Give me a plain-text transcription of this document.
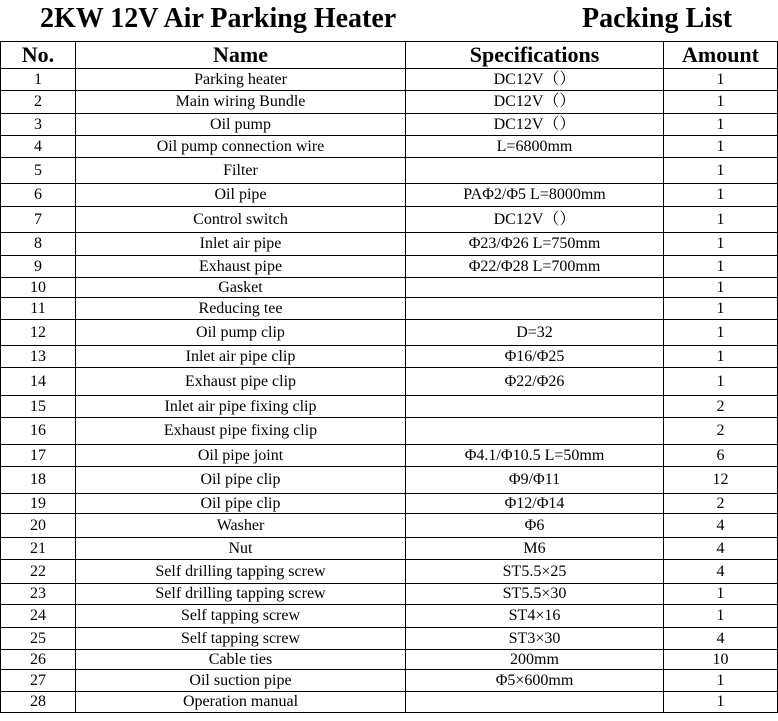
2KW 12V Air Parking Heater	Packing List
No.	Name	Specifications	Amount
1	Parking heater	DC12V（）	1
2	Main wiring Bundle	DC12V（）	1
3	Oil pump	DC12V（）	1
4	Oil pump connection wire	L=6800mm	1
5	Filter		1
6	Oil pipe	PAΦ2/Φ5 L=8000mm	1
7	Control switch	DC12V（）	1
8	Inlet air pipe	Φ23/Φ26 L=750mm	1
9	Exhaust pipe	Φ22/Φ28 L=700mm	1
10	Gasket		1
11	Reducing tee		1
12	Oil pump clip	D=32	1
13	Inlet air pipe clip	Φ16/Φ25	1
14	Exhaust pipe clip	Φ22/Φ26	1
15	Inlet air pipe fixing clip		2
16	Exhaust pipe fixing clip		2
17	Oil pipe joint	Φ4.1/Φ10.5 L=50mm	6
18	Oil pipe clip	Φ9/Φ11	12
19	Oil pipe clip	Φ12/Φ14	2
20	Washer	Φ6	4
21	Nut	M6	4
22	Self drilling tapping screw	ST5.5×25	4
23	Self drilling tapping screw	ST5.5×30	1
24	Self tapping screw	ST4×16	1
25	Self tapping screw	ST3×30	4
26	Cable ties	200mm	10
27	Oil suction pipe	Φ5×600mm	1
28	Operation manual		1
